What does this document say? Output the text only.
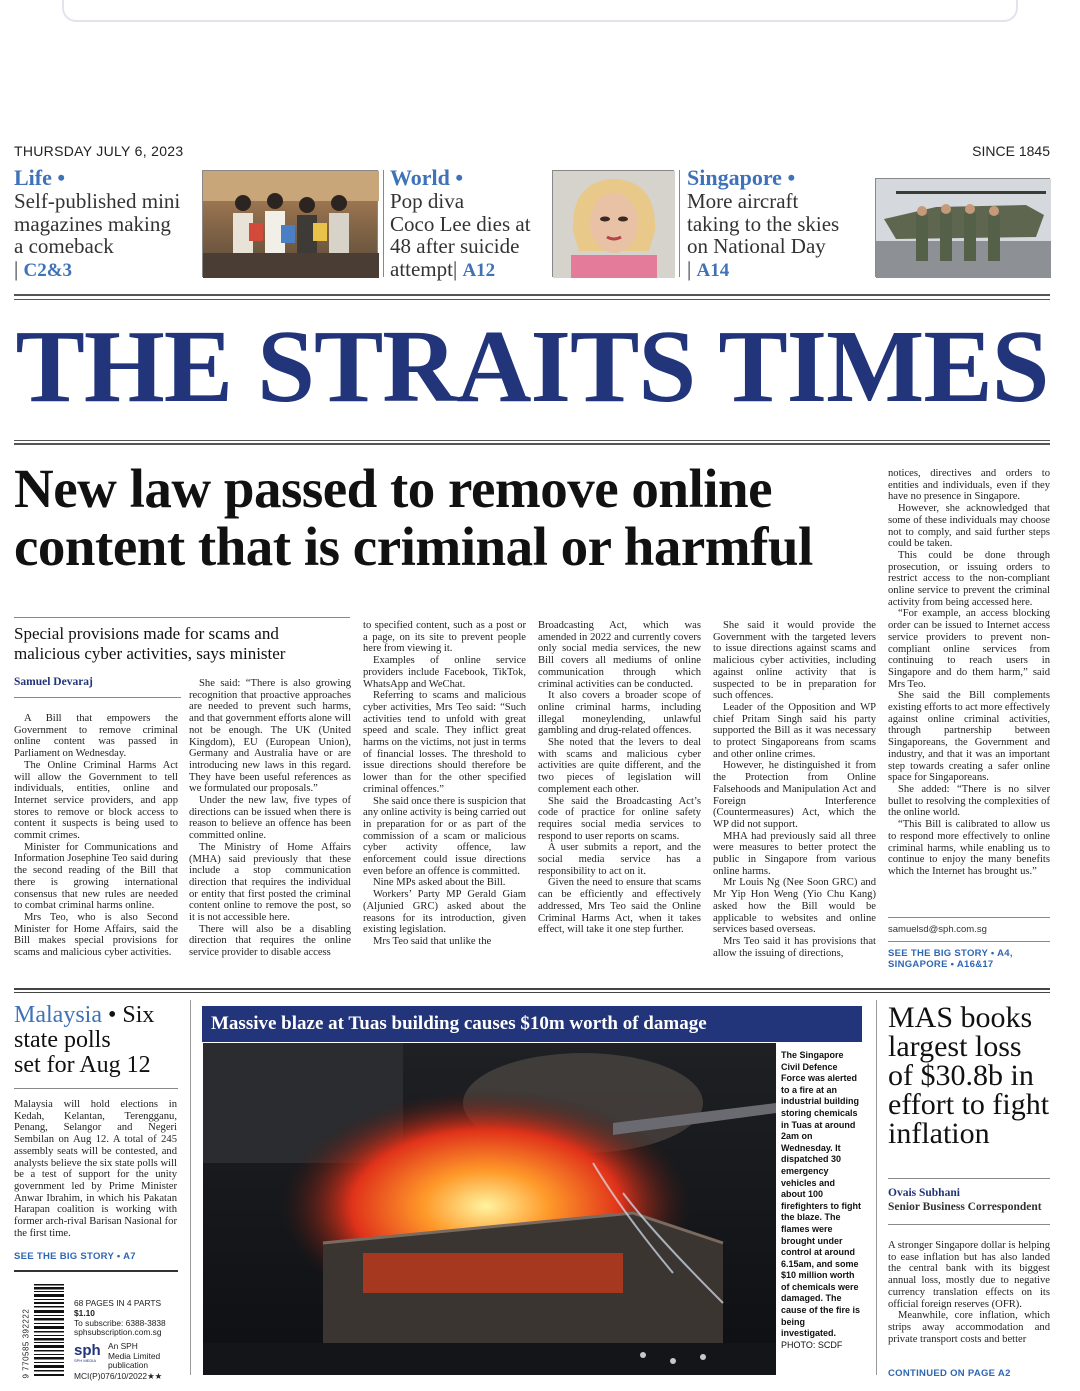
THURSDAY JULY 6, 2023	SINCE 1845
Life •
Self-published mini
magazines making
a comeback
| C2&3
World •
Pop diva
Coco Lee dies at
48 after suicide
attempt| A12
Singapore •
More aircraft
taking to the skies
on National Day
| A14
THE STRAITS TIMES
New law passed to remove online
content that is criminal or harmful
Special provisions made for scams and malicious cyber activities, says minister
Samuel Devaraj

A Bill that empowers the Government to remove criminal online content was passed in Parliament on Wednesday.

The Online Criminal Harms Act will allow the Government to tell individuals, entities, online and Internet service providers, and app stores to remove or block access to content it suspects is being used to commit crimes.

Minister for Communications and Information Josephine Teo said during the second reading of the Bill that there is growing international consensus that new rules are needed to combat criminal harms online.

Mrs Teo, who is also Second Minister for Home Affairs, said the Bill makes special provisions for scams and malicious cyber activities.

She said: “There is also growing recognition that proactive approaches are needed to prevent such harms, and that government efforts alone will not be enough. The UK (United Kingdom), EU (European Union), Germany and Australia have or are introducing new laws in this regard. They have been useful references as we formulated our proposals.”

Under the new law, five types of directions can be issued when there is reason to believe an offence has been committed online.

The Ministry of Home Affairs (MHA) said previously that these include a stop communication direction that requires the individual or entity that first posted the criminal content online to remove the post, so it is not accessible here.

There will also be a disabling direction that requires the online service provider to disable access

to specified content, such as a post or a page, on its site to prevent people here from viewing it.

Examples of online service providers include Facebook, TikTok, WhatsApp and WeChat.

Referring to scams and malicious cyber activities, Mrs Teo said: “Such activities tend to unfold with great speed and scale. They inflict great harms on the victims, not just in terms of financial losses. The threshold to issue directions should therefore be lower than for the other specified criminal offences.”

She said once there is suspicion that any online activity is being carried out in preparation for or as part of the commission of a scam or malicious cyber activity offence, law enforcement could issue directions even before an offence is committed.

Nine MPs asked about the Bill.

Workers’ Party MP Gerald Giam (Aljunied GRC) asked about the reasons for its introduction, given existing legislation.

Mrs Teo said that unlike the

Broadcasting Act, which was amended in 2022 and currently covers only social media services, the new Bill covers all mediums of online communication through which criminal activities can be conducted.

It also covers a broader scope of online criminal harms, including illegal moneylending, unlawful gambling and drug-related offences.

She noted that the levers to deal with scams and malicious cyber activities are quite different, and the two pieces of legislation will complement each other.

She said the Broadcasting Act’s code of practice for online safety requires social media services to respond to user reports on scams.

A user submits a report, and the social media service has a responsibility to act on it.

Given the need to ensure that scams can be efficiently and effectively addressed, Mrs Teo said the Online Criminal Harms Act, when it takes effect, will take it one step further.

She said it would provide the Government with the targeted levers to issue directions against scams and malicious cyber activities, including against online activity that is suspected to be in preparation for such offences.

Leader of the Opposition and WP chief Pritam Singh said his party supported the Bill as it was necessary to protect Singaporeans from scams and other online crimes.

However, he distinguished it from the Protection from Online Falsehoods and Manipulation Act and Foreign Interference (Countermeasures) Act, which the WP did not support.

MHA had previously said all three were measures to better protect the public in Singapore from various online harms.

Mr Louis Ng (Nee Soon GRC) and Mr Yip Hon Weng (Yio Chu Kang) asked how the Bill would be applicable to websites and online services based overseas.

Mrs Teo said it has provisions that allow the issuing of directions,

notices, directives and orders to entities and individuals, even if they have no presence in Singapore.

However, she acknowledged that some of these individuals may choose not to comply, and said further steps could be taken.

This could be done through prosecution, or issuing orders to restrict access to the non-compliant online service to prevent the criminal activity from being accessed here.

“For example, an access blocking order can be issued to Internet access service providers to prevent non-compliant online services from continuing to reach users in Singapore and do them harm,” said Mrs Teo.

She said the Bill complements existing efforts to act more effectively against online criminal activities, through partnership between Singaporeans, the Government and industry, and that it was an important step towards creating a safer online space for Singaporeans.

She added: “There is no silver bullet to resolving the complexities of the online world.

“This Bill is calibrated to allow us to respond more effectively to online criminal harms, while enabling us to continue to enjoy the many benefits which the Internet has brought us.”

samuelsd@sph.com.sg
SEE THE BIG STORY • A4,
SINGAPORE • A16&17
Malaysia • Six
state polls
set for Aug 12

Malaysia will hold elections in Kedah, Kelantan, Terengganu, Penang, Selangor and Negeri Sembilan on Aug 12. A total of 245 assembly seats will be contested, and analysts believe the six state polls will be a test of support for the unity government led by Prime Minister Anwar Ibrahim, in which his Pakatan Harapan coalition is working with former arch-rival Barisan Nasional for the first time.

SEE THE BIG STORY • A7
9 770585 392222
68 PAGES IN 4 PARTS
$1.10
To subscribe: 6388-3838
sphsubscription.com.sg
sph
SPH MEDIA
An SPH
Media Limited
publication
MCI(P)076/10/2022★★
Massive blaze at Tuas building causes $10m worth of damage
The Singapore Civil Defence Force was alerted to a fire at an industrial building storing chemicals in Tuas at around 2am on Wednesday. It dispatched 30 emergency vehicles and about 100 firefighters to fight the blaze. The flames were brought under control at around 6.15am, and some $10 million worth of chemicals were damaged. The cause of the fire is being investigated.
PHOTO: SCDF
MAS books largest loss of $30.8b in effort to fight inflation
Ovais Subhani
Senior Business Correspondent

A stronger Singapore dollar is helping to ease inflation but has also landed the central bank with its biggest annual loss, mostly due to negative currency translation effects on its official foreign reserves (OFR).

Meanwhile, core inflation, which strips away accommodation and private transport costs and better

CONTINUED ON PAGE A2
